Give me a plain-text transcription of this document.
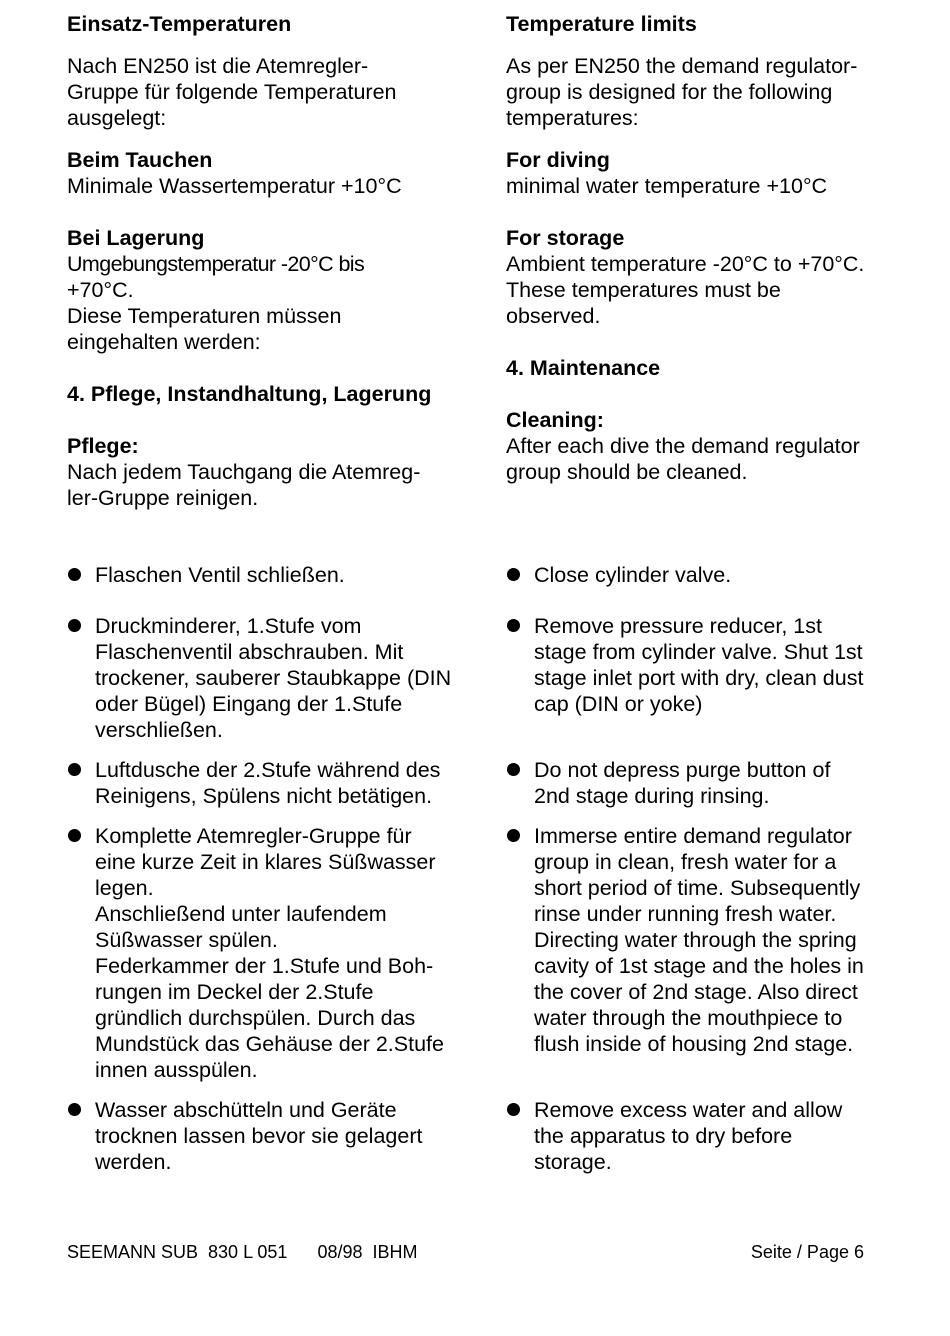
Einsatz-Temperaturen

Nach EN250 ist die Atemregler-
Gruppe für folgende Temperaturen
ausgelegt:

Beim Tauchen

Minimale Wassertemperatur +10°C

Bei Lagerung

Umgebungstemperatur -20°C bis
+70°C.
Diese Temperaturen müssen
eingehalten werden:

4. Pflege, Instandhaltung, Lagerung

Pflege:

Nach jedem Tauchgang die Atemreg-
ler-Gruppe reinigen.

Temperature limits

As per EN250 the demand regulator-
group is designed for the following
temperatures:

For diving

minimal water temperature +10°C

For storage

Ambient temperature -20°C to +70°C.
These temperatures must be
observed.

4. Maintenance

Cleaning:

After each dive the demand regulator
group should be cleaned.

Flaschen Ventil schließen.
Druckminderer, 1.Stufe vom
Flaschenventil abschrauben. Mit
trockener, sauberer Staubkappe (DIN
oder Bügel) Eingang der 1.Stufe
verschließen.
Luftdusche der 2.Stufe während des
Reinigens, Spülens nicht betätigen.
Komplette Atemregler-Gruppe für
eine kurze Zeit in klares Süßwasser
legen.
Anschließend unter laufendem
Süßwasser spülen.
Federkammer der 1.Stufe und Boh-
rungen im Deckel der 2.Stufe
gründlich durchspülen. Durch das
Mundstück das Gehäuse der 2.Stufe
innen ausspülen.
Wasser abschütteln und Geräte
trocknen lassen bevor sie gelagert
werden.
Close cylinder valve.
Remove pressure reducer, 1st
stage from cylinder valve. Shut 1st
stage inlet port with dry, clean dust
cap (DIN or yoke)
Do not depress purge button of
2nd stage during rinsing.
Immerse entire demand regulator
group in clean, fresh water for a
short period of time. Subsequently
rinse under running fresh water.
Directing water through the spring
cavity of 1st stage and the holes in
the cover of 2nd stage. Also direct
water through the mouthpiece to
flush inside of housing 2nd stage.
Remove excess water and allow
the apparatus to dry before
storage.
SEEMANN SUB  830 L 051      08/98  IBHM	Seite / Page 6
